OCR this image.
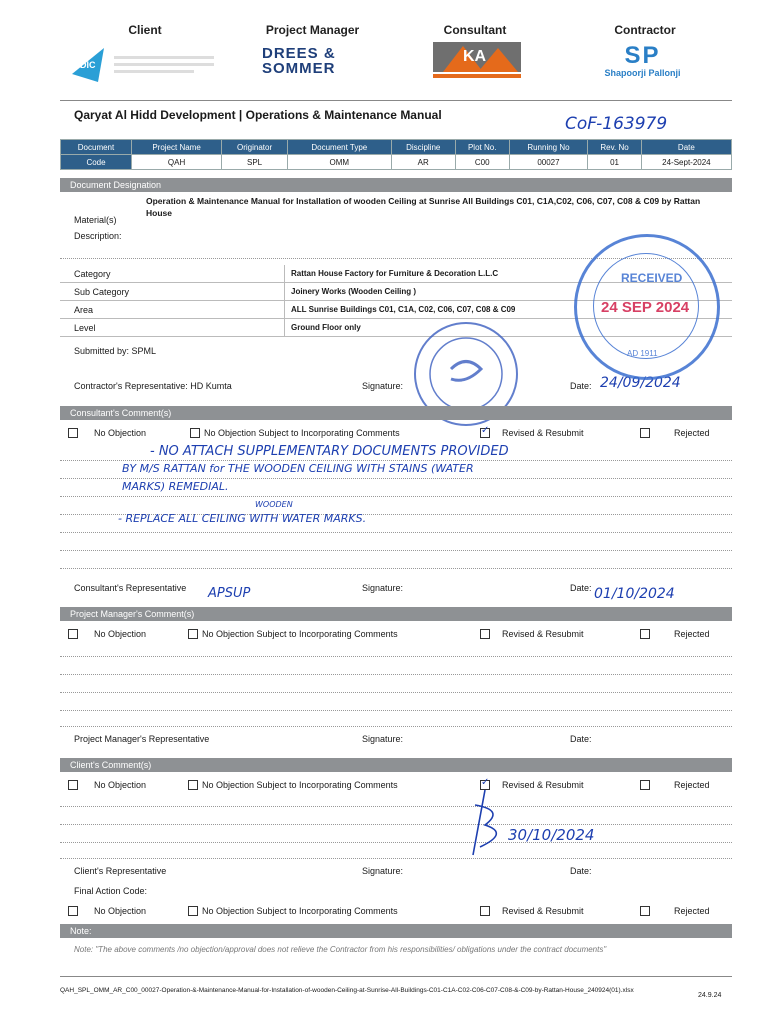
Client	Project Manager	Consultant	Contractor
SDIC
DREES &
SOMMER
KA	SP
Shapoorji Pallonji
Qaryat Al Hidd Development | Operations & Maintenance Manual	CoF-163979
Document	Project Name	Originator	Document Type	Discipline	Plot No.	Running No	Rev. No	Date
Code	QAH	SPL	OMM	AR	C00	00027	01	24-Sept-2024
Document Designation
Material(s) Description:
Operation & Maintenance Manual for Installation of wooden Ceiling at Sunrise All Buildings C01, C1A,C02, C06, C07, C08 & C09 by Rattan House
Category	Rattan House Factory for Furniture & Decoration L.L.C
Sub Category	Joinery Works (Wooden Ceiling )
Area	ALL Sunrise Buildings C01, C1A, C02, C06, C07, C08 & C09
Level	Ground Floor only
Submitted by: SPML
Contractor's Representative: HD Kumta	Signature:	Date: 24/09/2024
RECEIVED
24 SEP 2024
AD 1911
Consultant's Comment(s)
No Objection	No Objection Subject to Incorporating Comments ✓	Revised & Resubmit	Rejected
- NO ATTACH SUPPLEMENTARY DOCUMENTS PROVIDED
BY M/S RATTAN for THE WOODEN CEILING WITH STAINS (WATER
MARKS) REMEDIAL.
WOODEN
- REPLACE ALL CEILING WITH WATER MARKS.
Consultant's Representative APSUP	Signature:	Date: 01/10/2024
Project Manager's Comment(s)
No Objection	No Objection Subject to Incorporating Comments	Revised & Resubmit	Rejected
Project Manager's Representative	Signature:	Date:
Client's Comment(s)
No Objection	No Objection Subject to Incorporating Comments ✓	Revised & Resubmit	Rejected
30/10/2024
Client's Representative	Signature:	Date:
Final Action Code:
No Objection	No Objection Subject to Incorporating Comments	Revised & Resubmit	Rejected
Note:
Note: "The above comments /no objection/approval does not relieve the Contractor from his responsibilities/ obligations under the contract documents"
QAH_SPL_OMM_AR_C00_00027-Operation-&-Maintenance-Manual-for-Installation-of-wooden-Ceiling-at-Sunrise-All-Buildings-C01-C1A-C02-C06-C07-C08-&-C09-by-Rattan-House_240924(01).xlsx
24.9.24
